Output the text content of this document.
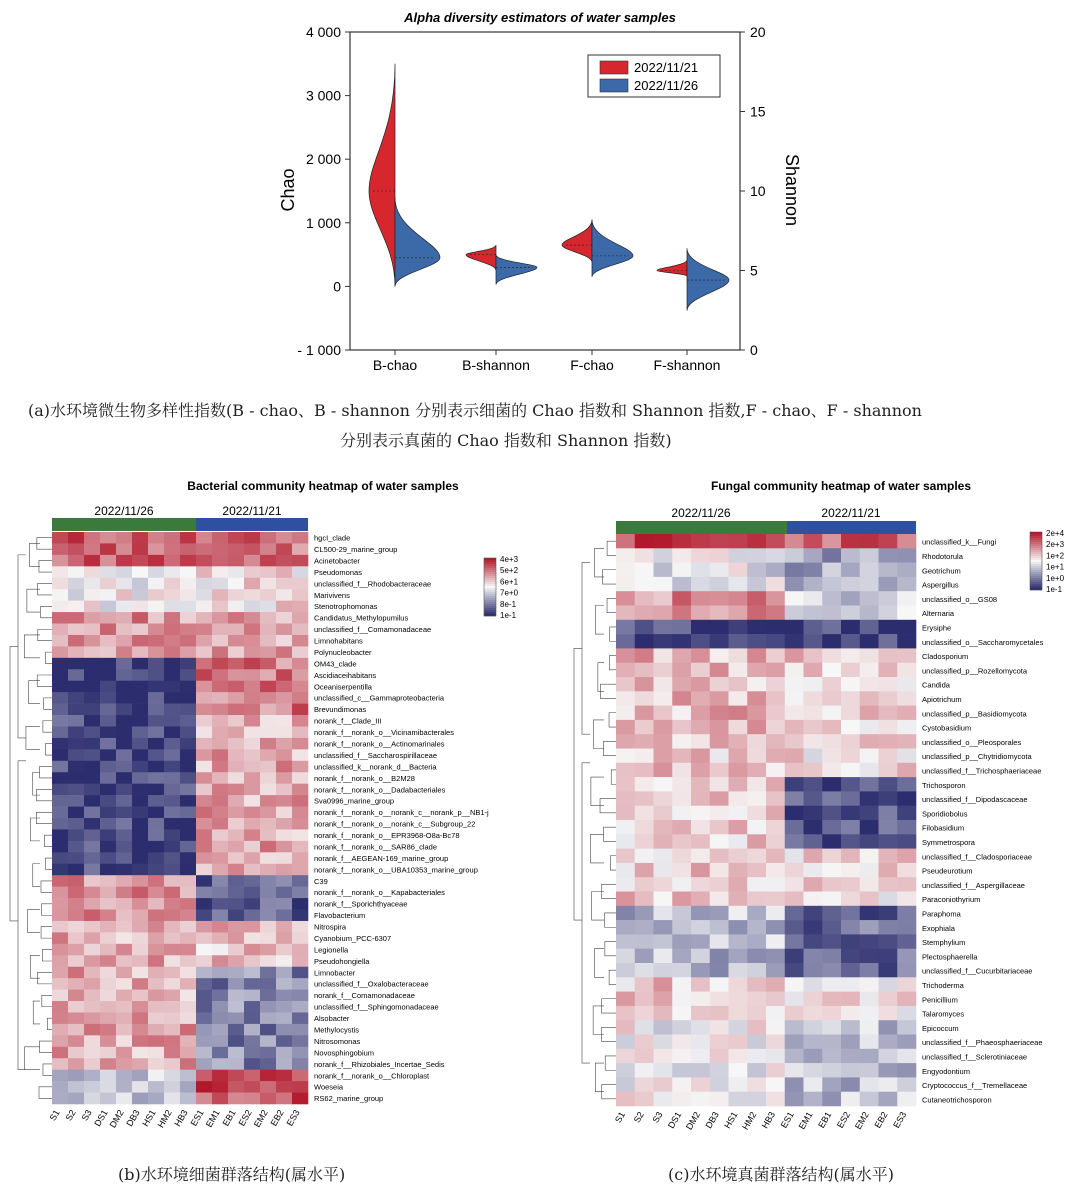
Alpha diversity estimators of water samples
- 1 000
0
1 000
2 000
3 000
4 000
0
5
10
15
20
Chao	Shannon
B-chao	B-shannon	F-chao	F-shannon
2022/11/21
2022/11/26
(a)水环境微生物多样性指数(B - chao、B - shannon 分别表示细菌的 Chao 指数和 Shannon 指数,F - chao、F - shannon
分别表示真菌的 Chao 指数和 Shannon 指数)
Bacterial community heatmap of water samples
2022/11/26	2022/11/21
hgcI_clade
CL500-29_marine_group
Acinetobacter
Pseudomonas
unclassified_f__Rhodobacteraceae
Marivivens
Stenotrophomonas
Candidatus_Methylopumilus
unclassified_f__Comamonadaceae
Limnohabitans
Polynucleobacter
OM43_clade
Ascidiaceihabitans
Oceaniserpentilla
unclassified_c__Gammaproteobacteria
Brevundimonas
norank_f__Clade_III
norank_f__norank_o__Vicinamibacterales
norank_f__norank_o__Actinomarinales
unclassified_f__Saccharospirillaceae
unclassified_k__norank_d__Bacteria
norank_f__norank_o__B2M28
norank_f__norank_o__Dadabacteriales
Sva0996_marine_group
norank_f__norank_o__norank_c__norank_p__NB1-j
norank_f__norank_o__norank_c__Subgroup_22
norank_f__norank_o__EPR3968-O8a-Bc78
norank_f__norank_o__SAR86_clade
norank_f__AEGEAN-169_marine_group
norank_f__norank_o__UBA10353_marine_group
C39
norank_f__norank_o__Kapabacteriales
norank_f__Sporichthyaceae
Flavobacterium
Nitrospira
Cyanobium_PCC-6307
Legionella
Pseudohongiella
Limnobacter
unclassified_f__Oxalobacteraceae
norank_f__Comamonadaceae
unclassified_f__Sphingomonadaceae
Alsobacter
Methylocystis
Nitrosomonas
Novosphingobium
norank_f__Rhizobiales_Incertae_Sedis
norank_f__norank_o__Chloroplast
Woeseia
RS62_marine_group
S1 S2 S3
DS1
DM2
DB3
HS1
HM2
HB3
ES1
EM1
EB1
ES2
EM2
EB2
ES3
4e+3
5e+2
6e+1
7e+0
8e-1
1e-1
Fungal community heatmap of water samples
2022/11/26	2022/11/21
unclassified_k__Fungi
Rhodotorula
Geotrichum
Aspergillus
unclassified_o__GS08
Alternaria
Erysiphe
unclassified_o__Saccharomycetales
Cladosporium
unclassified_p__Rozellomycota
Candida
Apiotrichum
unclassified_p__Basidiomycota
Cystobasidium
unclassified_o__Pleosporales
unclassified_p__Chytridiomycota
unclassified_f__Trichosphaeriaceae
Trichosporon
unclassified_f__Dipodascaceae
Sporidiobolus
Filobasidium
Symmetrospora
unclassified_f__Cladosporiaceae
Pseudeurotium
unclassified_f__Aspergillaceae
Paraconiothyrium
Paraphoma
Exophiala
Stemphylium
Plectosphaerella
unclassified_f__Cucurbitariaceae
Trichoderma
Penicillium
Talaromyces
Epicoccum
unclassified_f__Phaeosphaeriaceae
unclassified_f__Sclerotiniaceae
Engyodontium
Cryptococcus_f__Tremellaceae
Cutaneotrichosporon
S1 S2 S3 DS1 DM2 DB3 HS1 HM2 HB3 ES1 EM1 EB1 ES2 EM2 EB2 ES3
2e+4
2e+3
1e+2
1e+1
1e+0
1e-1
(b)水环境细菌群落结构(属水平)	(c)水环境真菌群落结构(属水平)
